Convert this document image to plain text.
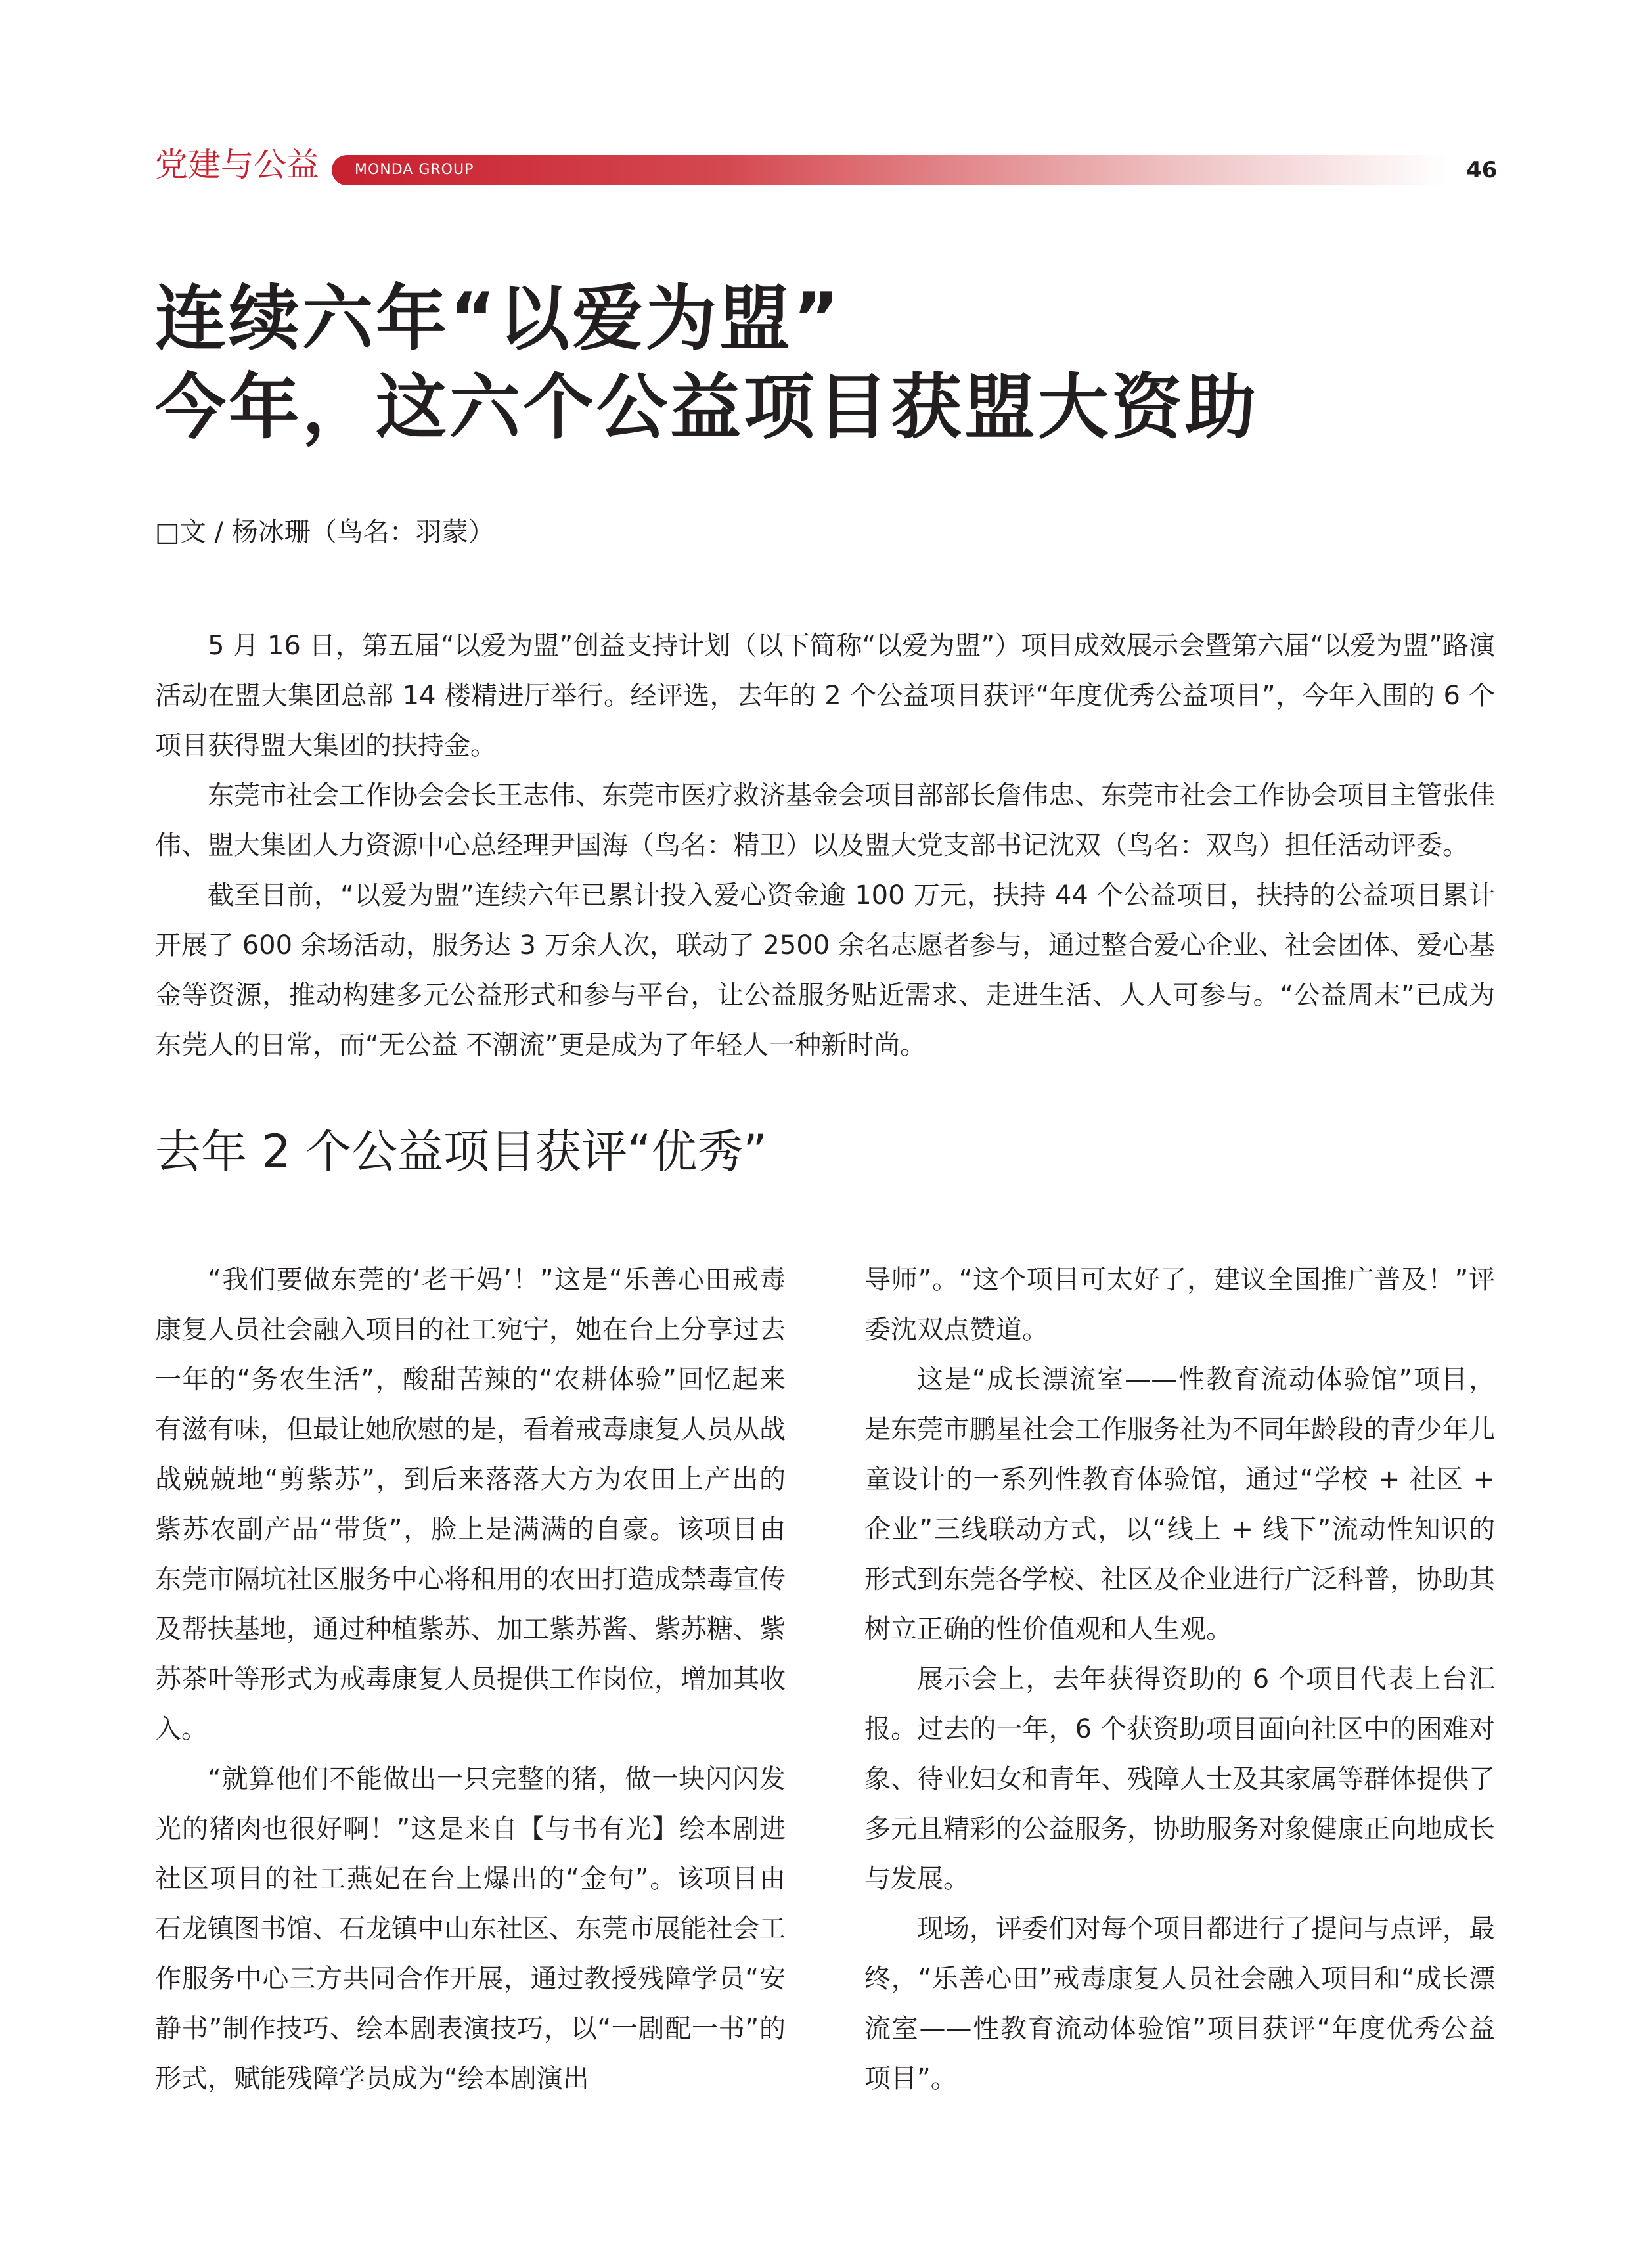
党建与公益 MONDA GROUP	46
连续六年“以爱为盟”
今年，这六个公益项目获盟大资助
□文 / 杨冰珊（鸟名：羽蒙）

5 月 16 日，第五届“以爱为盟”创益支持计划（以下简称“以爱为盟”）项目成效展示会暨第六届“以爱为盟”路演活动在盟大集团总部 14 楼精进厅举行。经评选，去年的 2 个公益项目获评“年度优秀公益项目”，今年入围的 6 个项目获得盟大集团的扶持金。

东莞市社会工作协会会长王志伟、东莞市医疗救济基金会项目部部长詹伟忠、东莞市社会工作协会项目主管张佳伟、盟大集团人力资源中心总经理尹国海（鸟名：精卫）以及盟大党支部书记沈双（鸟名：双鸟）担任活动评委。

截至目前，“以爱为盟”连续六年已累计投入爱心资金逾 100 万元，扶持 44 个公益项目，扶持的公益项目累计开展了 600 余场活动，服务达 3 万余人次，联动了 2500 余名志愿者参与，通过整合爱心企业、社会团体、爱心基金等资源，推动构建多元公益形式和参与平台，让公益服务贴近需求、走进生活、人人可参与。“公益周末”已成为东莞人的日常，而“无公益 不潮流”更是成为了年轻人一种新时尚。

去年 2 个公益项目获评“优秀”

“我们要做东莞的‘老干妈’！”这是“乐善心田戒毒康复人员社会融入项目的社工宛宁，她在台上分享过去一年的“务农生活”，酸甜苦辣的“农耕体验”回忆起来有滋有味，但最让她欣慰的是，看着戒毒康复人员从战战兢兢地“剪紫苏”，到后来落落大方为农田上产出的紫苏农副产品“带货”，脸上是满满的自豪。该项目由东莞市隔坑社区服务中心将租用的农田打造成禁毒宣传及帮扶基地，通过种植紫苏、加工紫苏酱、紫苏糖、紫苏茶叶等形式为戒毒康复人员提供工作岗位，增加其收入。

“就算他们不能做出一只完整的猪，做一块闪闪发光的猪肉也很好啊！”这是来自【与书有光】绘本剧进社区项目的社工燕妃在台上爆出的“金句”。该项目由石龙镇图书馆、石龙镇中山东社区、东莞市展能社会工作服务中心三方共同合作开展，通过教授残障学员“安静书”制作技巧、绘本剧表演技巧，以“一剧配一书”的形式，赋能残障学员成为“绘本剧演出

导师”。“这个项目可太好了，建议全国推广普及！”评委沈双点赞道。

这是“成长漂流室——性教育流动体验馆”项目，是东莞市鹏星社会工作服务社为不同年龄段的青少年儿童设计的一系列性教育体验馆，通过“学校 + 社区 + 企业”三线联动方式，以“线上 + 线下”流动性知识的形式到东莞各学校、社区及企业进行广泛科普，协助其树立正确的性价值观和人生观。

展示会上，去年获得资助的 6 个项目代表上台汇报。过去的一年，6 个获资助项目面向社区中的困难对象、待业妇女和青年、残障人士及其家属等群体提供了多元且精彩的公益服务，协助服务对象健康正向地成长与发展。

现场，评委们对每个项目都进行了提问与点评，最终，“乐善心田”戒毒康复人员社会融入项目和“成长漂流室——性教育流动体验馆”项目获评“年度优秀公益项目”。
